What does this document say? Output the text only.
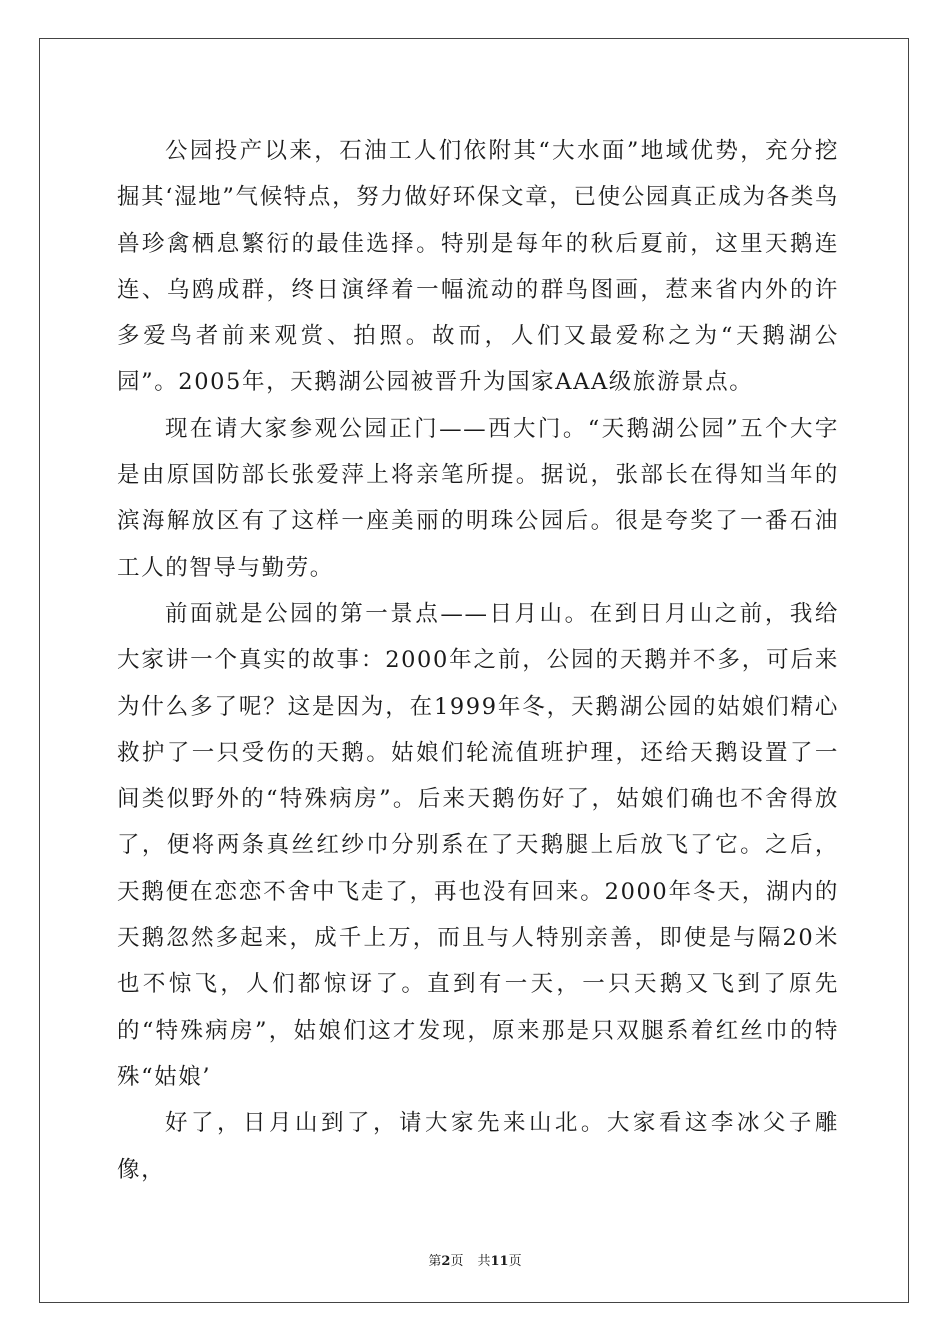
公园投产以来，石油工人们依附其“大水面”地域优势，充分挖掘其‘湿地”气候特点，努力做好环保文章，已使公园真正成为各类鸟兽珍禽栖息繁衍的最佳选择。特别是每年的秋后夏前，这里天鹅连连、乌鸥成群，终日演绎着一幅流动的群鸟图画，惹来省内外的许多爱鸟者前来观赏、拍照。故而，人们又最爱称之为“天鹅湖公园”。2005年，天鹅湖公园被晋升为国家AAA级旅游景点。

现在请大家参观公园正门——西大门。“天鹅湖公园”五个大字是由原国防部长张爱萍上将亲笔所提。据说，张部长在得知当年的滨海解放区有了这样一座美丽的明珠公园后。很是夸奖了一番石油工人的智导与勤劳。

前面就是公园的第一景点——日月山。在到日月山之前，我给大家讲一个真实的故事：2000年之前，公园的天鹅并不多，可后来为什么多了呢？这是因为，在1999年冬，天鹅湖公园的姑娘们精心救护了一只受伤的天鹅。姑娘们轮流值班护理，还给天鹅设置了一间类似野外的“特殊病房”。后来天鹅伤好了，姑娘们确也不舍得放了，便将两条真丝红纱巾分别系在了天鹅腿上后放飞了它。之后，天鹅便在恋恋不舍中飞走了，再也没有回来。2000年冬天，湖内的天鹅忽然多起来，成千上万，而且与人特别亲善，即使是与隔20米也不惊飞，人们都惊讶了。直到有一天，一只天鹅又飞到了原先的“特殊病房”，姑娘们这才发现，原来那是只双腿系着红丝巾的特殊“姑娘’

好了，日月山到了，请大家先来山北。大家看这李冰父子雕像，

第2页 共11页
